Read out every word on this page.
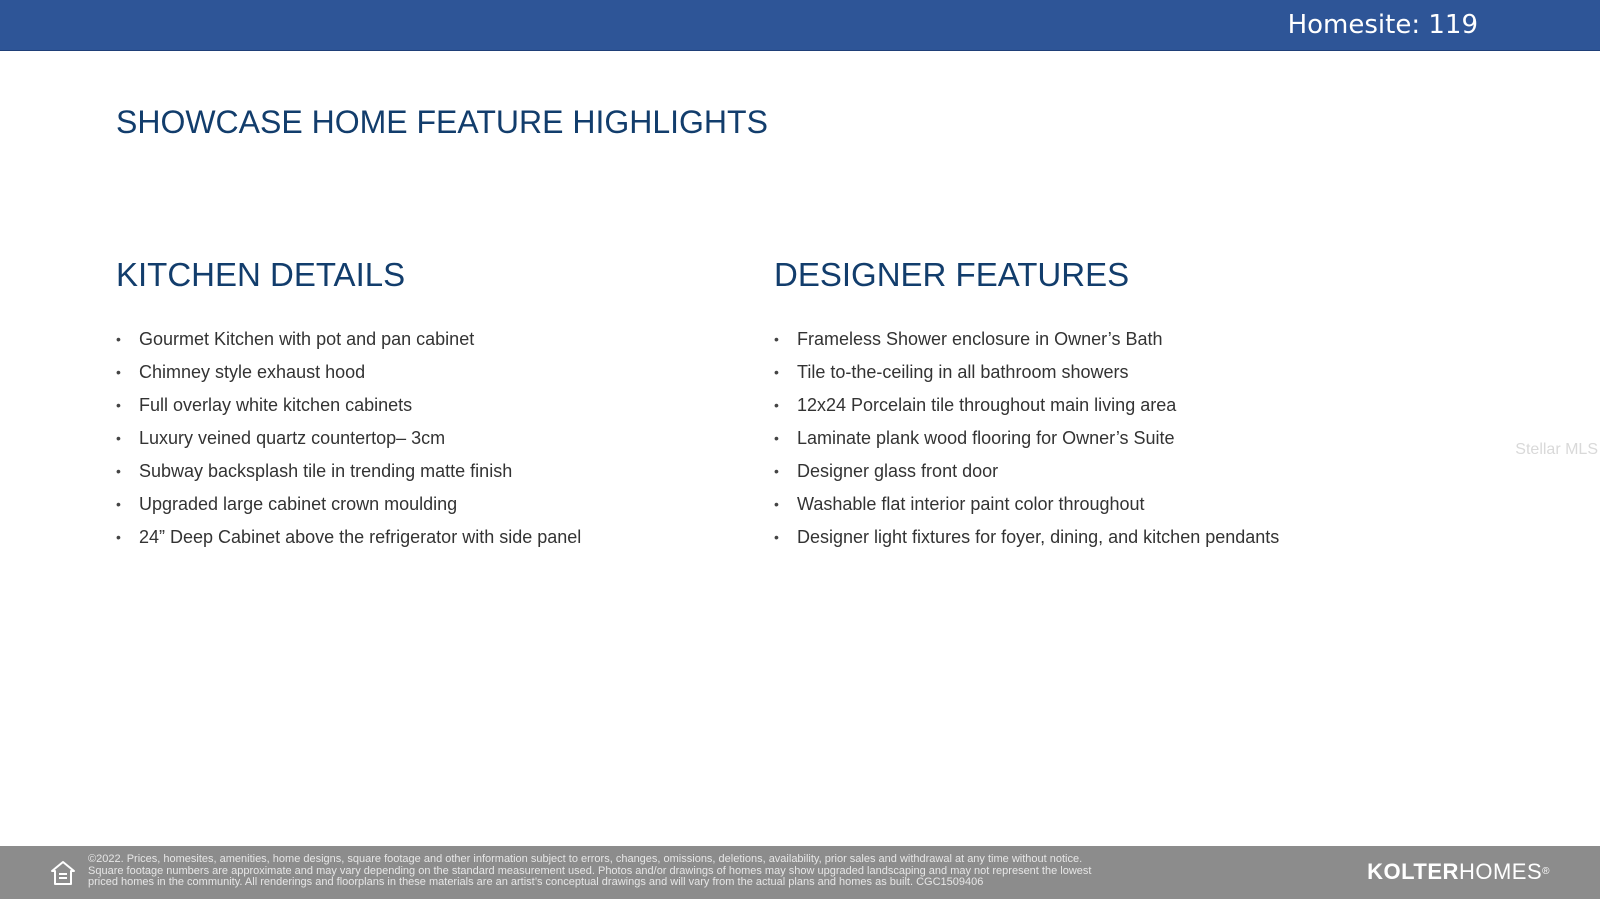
Homesite: 119
SHOWCASE HOME FEATURE HIGHLIGHTS
KITCHEN DETAILS
• Gourmet Kitchen with pot and pan cabinet
• Chimney style exhaust hood
• Full overlay white kitchen cabinets
• Luxury veined quartz countertop– 3cm
• Subway backsplash tile in trending matte finish
• Upgraded large cabinet crown moulding
• 24” Deep Cabinet above the refrigerator with side panel
DESIGNER FEATURES
• Frameless Shower enclosure in Owner’s Bath
• Tile to-the-ceiling in all bathroom showers
• 12x24 Porcelain tile throughout main living area
• Laminate plank wood flooring for Owner’s Suite
• Designer glass front door
• Washable flat interior paint color throughout
• Designer light fixtures for foyer, dining, and kitchen pendants
Stellar MLS

©2022. Prices, homesites, amenities, home designs, square footage and other information subject to errors, changes, omissions, deletions, availability, prior sales and withdrawal at any time without notice.

Square footage numbers are approximate and may vary depending on the standard measurement used. Photos and/or drawings of homes may show upgraded landscaping and may not represent the lowest

priced homes in the community. All renderings and floorplans in these materials are an artist’s conceptual drawings and will vary from the actual plans and homes as built. CGC1509406	KOLTERHOMES®
